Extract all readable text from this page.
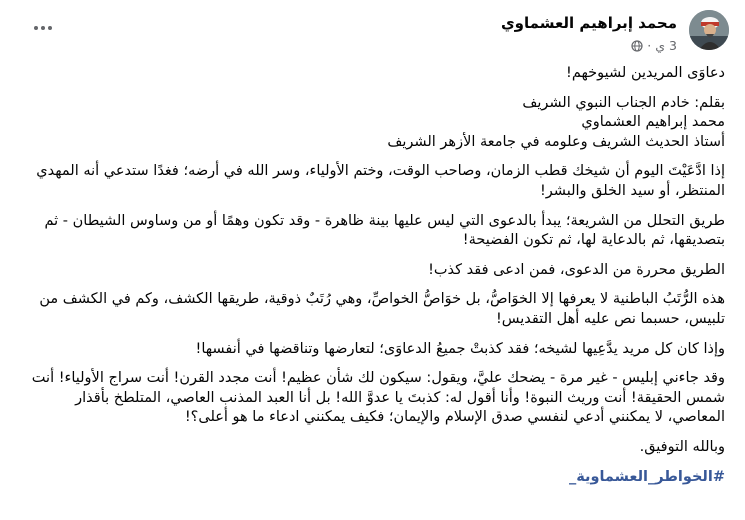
محمد إبراهيم العشماوي
3 ي
·

دعاوَى المريدين لشيوخهم!

بقلم: خادم الجناب النبوي الشريف
محمد إبراهيم العشماوي
أستاذ الحديث الشريف وعلومه في جامعة الأزهر الشريف

إذا ادَّعَيْتَ اليوم أن شيخك قطب الزمان، وصاحب الوقت، وختم الأولياء، وسر الله في أرضه؛ فغدًا ستدعي أنه المهدي المنتظر، أو سيد الخلق والبشر!

طريق التحلل من الشريعة؛ يبدأ بالدعوى التي ليس عليها بينة ظاهرة - وقد تكون وهمًا أو من وساوس الشيطان - ثم بتصديقها، ثم بالدعاية لها، ثم تكون الفضيحة!

الطريق محررة من الدعوى، فمن ادعى فقد كذب!

هذه الرُّتَبُ الباطنية لا يعرفها إلا الخوَاصُّ، بل خوَاصُّ الخواصِّ، وهي رُتَبٌ ذوقية، طريقها الكشف، وكم في الكشف من تلبيس، حسبما نص عليه أهل التقديس!

وإذا كان كل مريد يدَّعِيها لشيخه؛ فقد كذبتْ جميعُ الدعاوَى؛ لتعارضها وتناقضها في أنفسها!

وقد جاءني إبليس - غير مرة - يضحك عليَّ، ويقول: سيكون لك شأن عظيم! أنت مجدد القرن! أنت سراج الأولياء! أنت شمس الحقيقة! أنت وريث النبوة! وأنا أقول له: كذبتَ يا عدوَّ الله! بل أنا العبد المذنب العاصي، المتلطخ بأقذار المعاصي، لا يمكنني أدعي لنفسي صدق الإسلام والإيمان؛ فكيف يمكنني ادعاء ما هو أعلى؟!

وبالله التوفيق.

#الخواطر_العشماوية_
